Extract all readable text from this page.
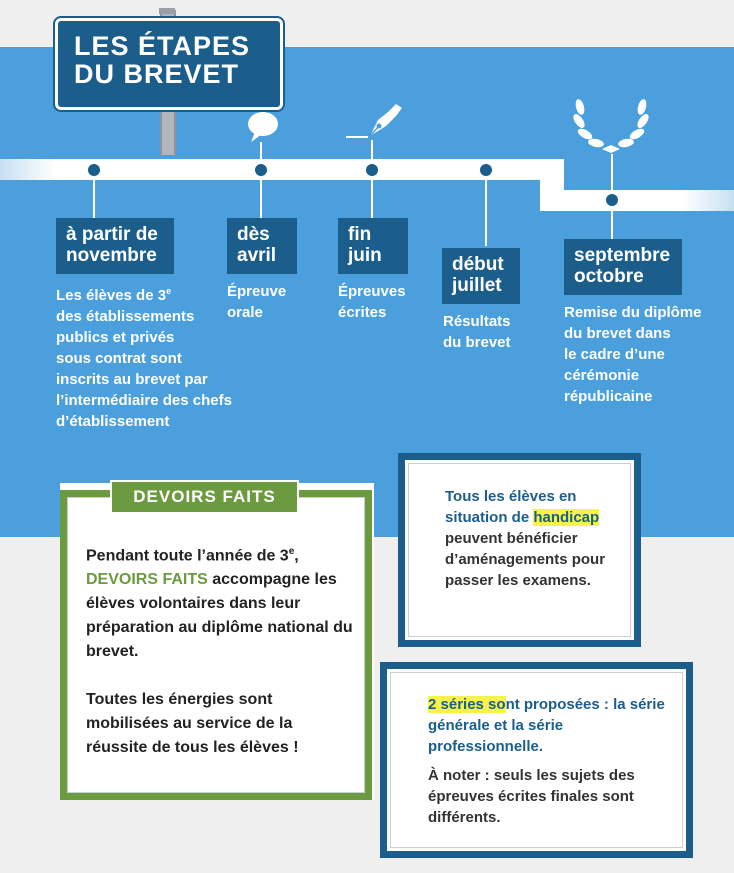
LES ÉTAPES
DU BREVET
à partir de
novembre
dès
avril
fin
juin	début
juillet
septembre
octobre
Les élèves de 3e
des établissements
publics et privés
sous contrat sont
inscrits au brevet par
l’intermédiaire des chefs
d’établissement
Épreuve
orale
Épreuves
écrites
Résultats
du brevet
Remise du diplôme
du brevet dans
le cadre d’une
cérémonie
républicaine
DEVOIRS FAITS
Pendant toute l’année de 3e,
DEVOIRS FAITS accompagne les élèves volontaires dans leur préparation au diplôme national du brevet.
Toutes les énergies sont mobilisées au service de la réussite de tous les élèves !
Tous les élèves en situation de handicap
peuvent bénéficier d’aménagements pour passer les examens.
2 séries sont proposées : la série générale et la série professionnelle.
À noter : seuls les sujets des épreuves écrites finales sont différents.
